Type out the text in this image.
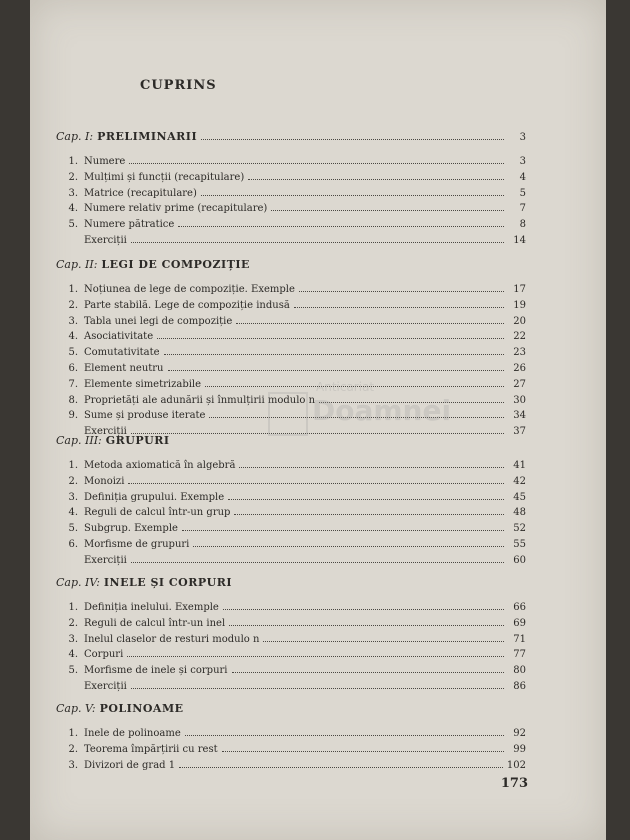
CUPRINS
Cap. I: PRELIMINARII	3
1. Numere	3
2. Mulțimi și funcții (recapitulare)	4
3. Matrice (recapitulare)	5
4. Numere relativ prime (recapitulare)	7
5. Numere pătratice	8
Exerciții	14
Cap. II: LEGI DE COMPOZIȚIE
1. Noțiunea de lege de compoziție. Exemple	17
2. Parte stabilă. Lege de compoziție indusă	19
3. Tabla unei legi de compoziție	20
4. Asociativitate	22
5. Comutativitate	23
6. Element neutru	26
7. Elemente simetrizabile	27
8. Proprietăți ale adunării și înmulțirii modulo n	30
9. Sume și produse iterate	34
Exerciții	37
Cap. III: GRUPURI
1. Metoda axiomatică în algebră	41
2. Monoizi	42
3. Definiția grupului. Exemple	45
4. Reguli de calcul într-un grup	48
5. Subgrup. Exemple	52
6. Morfisme de grupuri	55
Exerciții	60
Cap. IV: INELE ȘI CORPURI
1. Definiția inelului. Exemple	66
2. Reguli de calcul într-un inel	69
3. Inelul claselor de resturi modulo n	71
4. Corpuri	77
5. Morfisme de inele și corpuri	80
Exerciții	86
Cap. V: POLINOAME
1. Inele de polinoame	92
2. Teorema împărțirii cu rest	99
3. Divizori de grad 1	102
Anticariat
Doamnei
173
